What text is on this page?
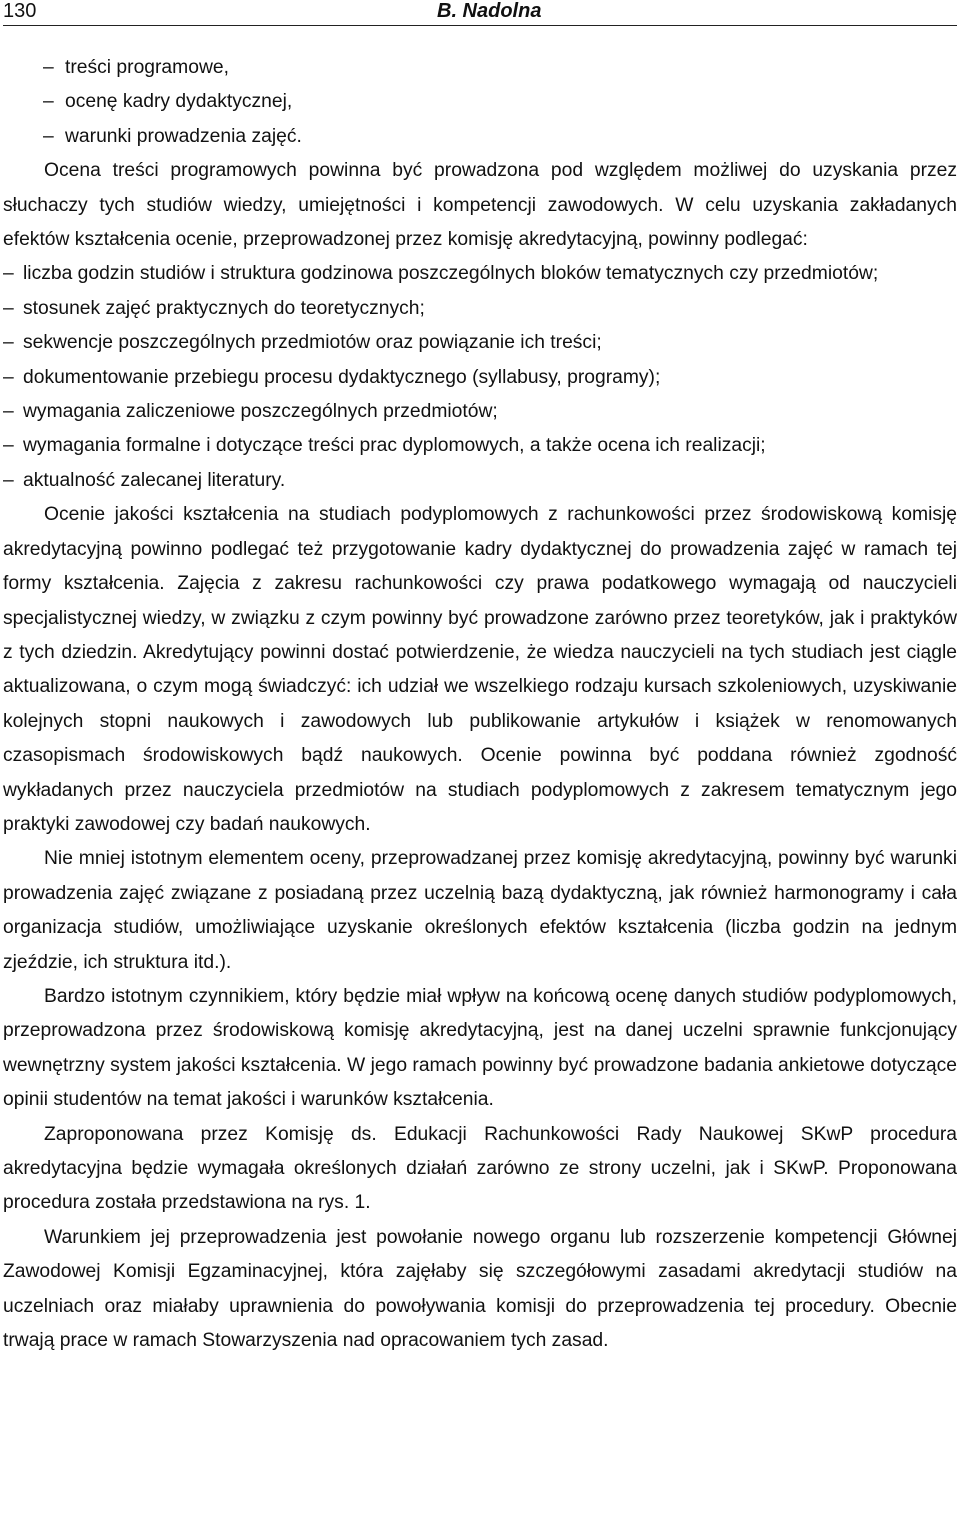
130	B. Nadolna
– treści programowe,
– ocenę kadry dydaktycznej,
– warunki prowadzenia zajęć.
Ocena treści programowych powinna być prowadzona pod względem możliwej do uzyskania przez słuchaczy tych studiów wiedzy, umiejętności i kompetencji zawodowych. W celu uzyskania zakładanych efektów kształcenia ocenie, przeprowadzonej przez komisję akredytacyjną, powinny podlegać:
– liczba godzin studiów i struktura godzinowa poszczególnych bloków tematycznych czy przedmiotów;
– stosunek zajęć praktycznych do teoretycznych;
– sekwencje poszczególnych przedmiotów oraz powiązanie ich treści;
– dokumentowanie przebiegu procesu dydaktycznego (syllabusy, programy);
– wymagania zaliczeniowe poszczególnych przedmiotów;
– wymagania formalne i dotyczące treści prac dyplomowych, a także ocena ich realizacji;
– aktualność zalecanej literatury.
Ocenie jakości kształcenia na studiach podyplomowych z rachunkowości przez środowiskową komisję akredytacyjną powinno podlegać też przygotowanie kadry dydaktycznej do prowadzenia zajęć w ramach tej formy kształcenia. Zajęcia z zakresu rachunkowości czy prawa podatkowego wymagają od nauczycieli specjalistycznej wiedzy, w związku z czym powinny być prowadzone zarówno przez teoretyków, jak i praktyków z tych dziedzin. Akredytujący powinni dostać potwierdzenie, że wiedza nauczycieli na tych studiach jest ciągle aktualizowana, o czym mogą świadczyć: ich udział we wszelkiego rodzaju kursach szkoleniowych, uzyskiwanie kolejnych stopni naukowych i zawodowych lub publikowanie artykułów i książek w renomowanych czasopismach środowiskowych bądź naukowych. Ocenie powinna być poddana również zgodność wykładanych przez nauczyciela przedmiotów na studiach podyplomowych z zakresem tematycznym jego praktyki zawodowej czy badań naukowych.
Nie mniej istotnym elementem oceny, przeprowadzanej przez komisję akredytacyjną, powinny być warunki prowadzenia zajęć związane z posiadaną przez uczelnią bazą dydaktyczną, jak również harmonogramy i cała organizacja studiów, umożliwiające uzyskanie określonych efektów kształcenia (liczba godzin na jednym zjeździe, ich struktura itd.).
Bardzo istotnym czynnikiem, który będzie miał wpływ na końcową ocenę danych studiów podyplomowych, przeprowadzona przez środowiskową komisję akredytacyjną, jest na danej uczelni sprawnie funkcjonujący wewnętrzny system jakości kształcenia. W jego ramach powinny być prowadzone badania ankietowe dotyczące opinii studentów na temat jakości i warunków kształcenia.
Zaproponowana przez Komisję ds. Edukacji Rachunkowości Rady Naukowej SKwP procedura akredytacyjna będzie wymagała określonych działań zarówno ze strony uczelni, jak i SKwP. Proponowana procedura została przedstawiona na rys. 1.
Warunkiem jej przeprowadzenia jest powołanie nowego organu lub rozszerzenie kompetencji Głównej Zawodowej Komisji Egzaminacyjnej, która zajęłaby się szczegółowymi zasadami akredytacji studiów na uczelniach oraz miałaby uprawnienia do powoływania komisji do przeprowadzenia tej procedury. Obecnie trwają prace w ramach Stowarzyszenia nad opracowaniem tych zasad.
